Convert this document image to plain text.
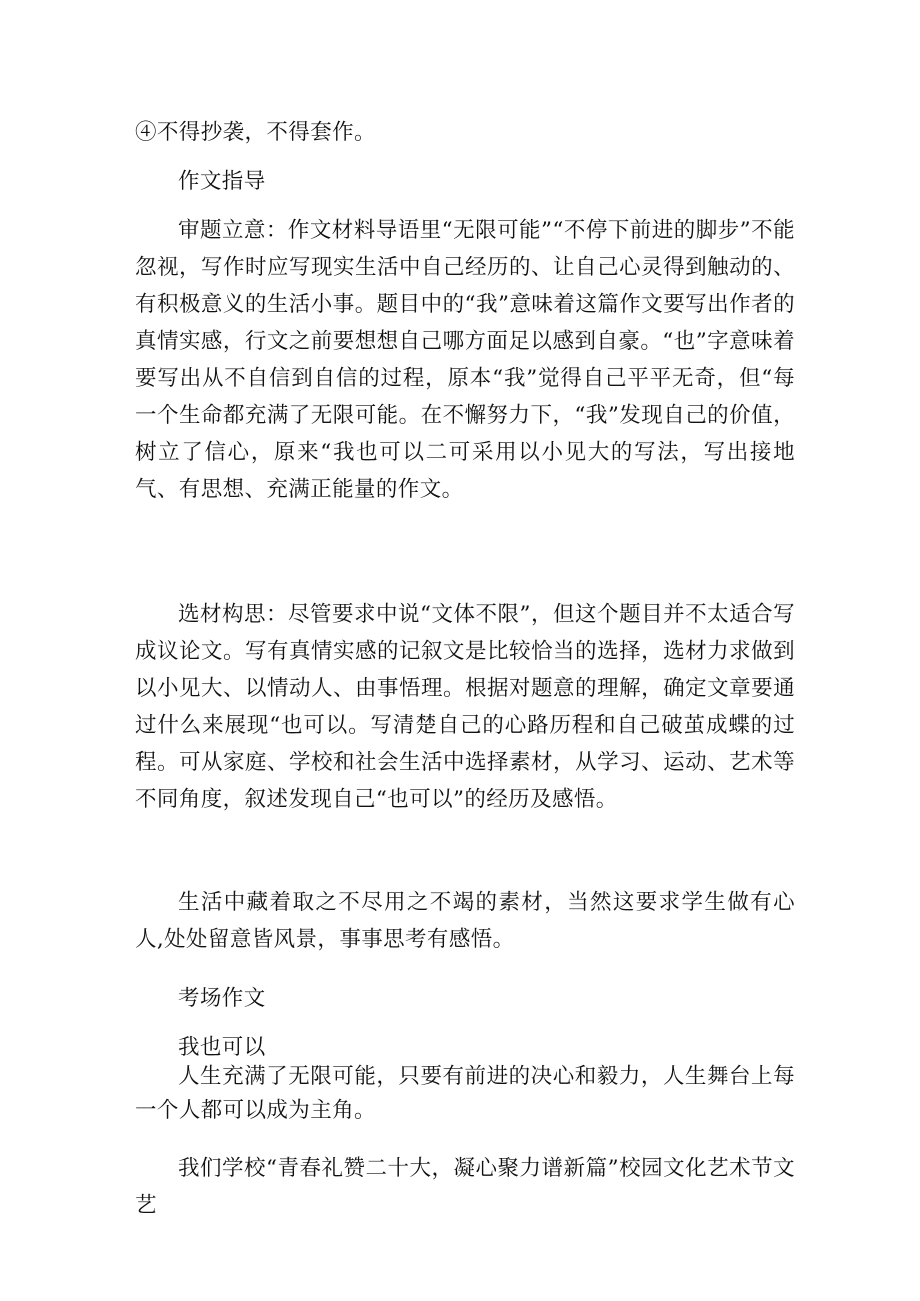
④不得抄袭，不得套作。

作文指导

审题立意：作文材料导语里“无限可能”“不停下前进的脚步”不能忽视，写作时应写现实生活中自己经历的、让自己心灵得到触动的、有积极意义的生活小事。题目中的“我”意味着这篇作文要写出作者的真情实感，行文之前要想想自己哪方面足以感到自豪。“也”字意味着要写出从不自信到自信的过程，原本“我”觉得自己平平无奇，但“每一个生命都充满了无限可能。在不懈努力下，“我”发现自己的价值，树立了信心，原来“我也可以二可采用以小见大的写法，写出接地气、有思想、充满正能量的作文。

选材构思：尽管要求中说“文体不限”，但这个题目并不太适合写成议论文。写有真情实感的记叙文是比较恰当的选择，选材力求做到以小见大、以情动人、由事悟理。根据对题意的理解，确定文章要通过什么来展现“也可以。写清楚自己的心路历程和自己破茧成蝶的过程。可从家庭、学校和社会生活中选择素材，从学习、运动、艺术等不同角度，叙述发现自己“也可以”的经历及感悟。

生活中藏着取之不尽用之不竭的素材，当然这要求学生做有心人,处处留意皆风景，事事思考有感悟。

考场作文

我也可以

人生充满了无限可能，只要有前进的决心和毅力，人生舞台上每一个人都可以成为主角。

我们学校“青春礼赞二十大，凝心聚力谱新篇”校园文化艺术节文艺
